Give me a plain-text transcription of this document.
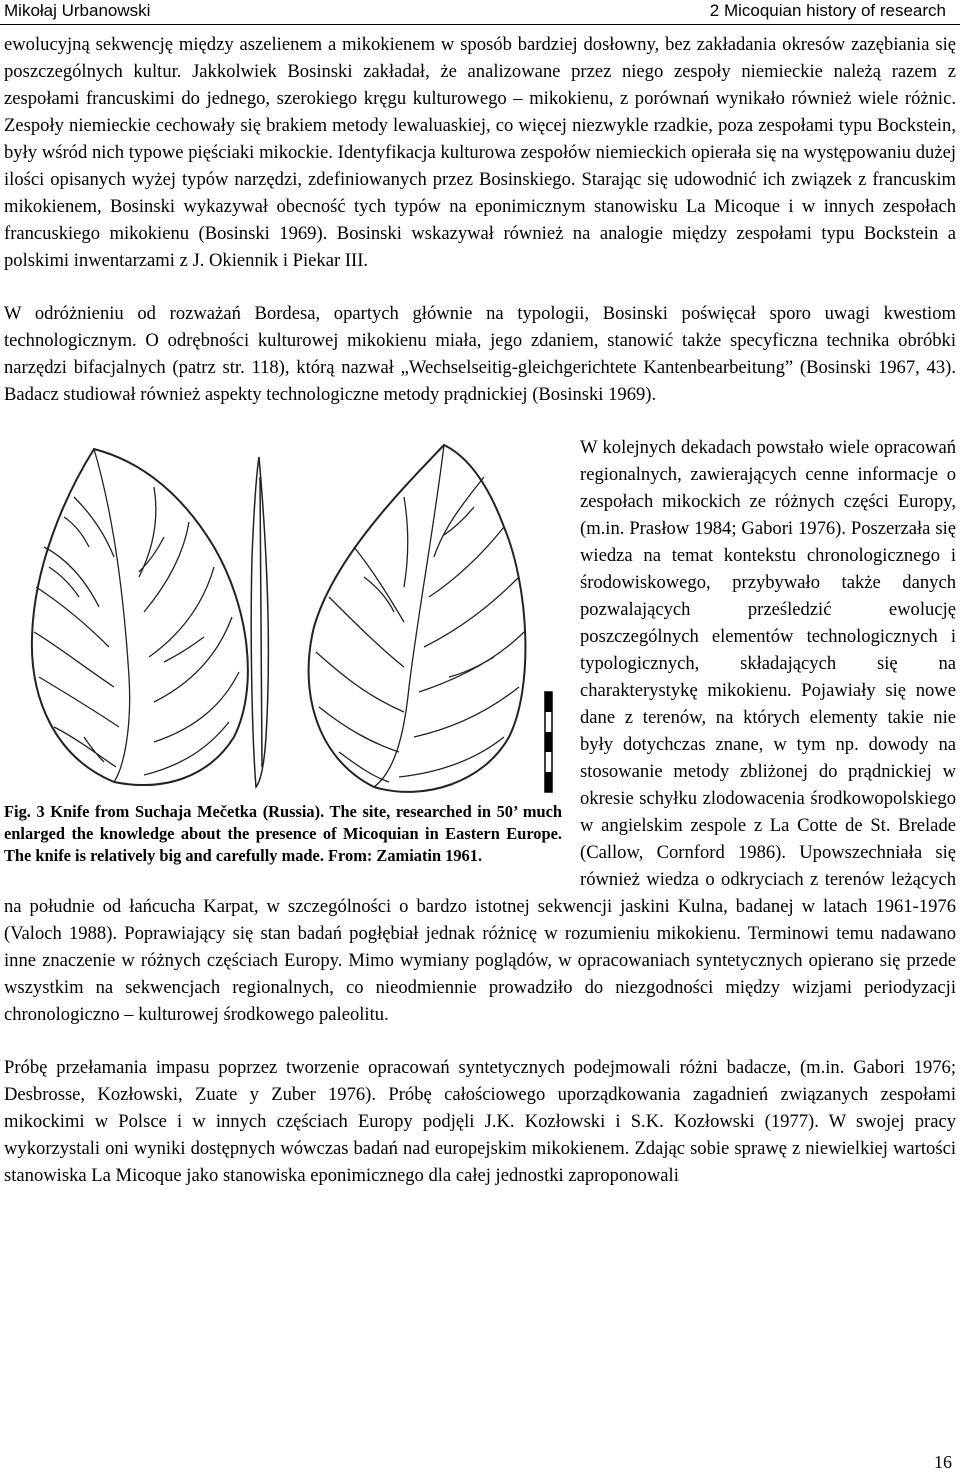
Mikołaj Urbanowski	2 Micoquian history of research

ewolucyjną sekwencję między aszelienem a mikokienem w sposób bardziej dosłowny, bez zakładania okresów zazębiania się poszczególnych kultur. Jakkolwiek Bosinski zakładał, że analizowane przez niego zespoły niemieckie należą razem z zespołami francuskimi do jednego, szerokiego kręgu kulturowego – mikokienu, z porównań wynikało również wiele różnic. Zespoły niemieckie cechowały się brakiem metody lewaluaskiej, co więcej niezwykle rzadkie, poza zespołami typu Bockstein, były wśród nich typowe pięściaki mikockie. Identyfikacja kulturowa zespołów niemieckich opierała się na występowaniu dużej ilości opisanych wyżej typów narzędzi, zdefiniowanych przez Bosinskiego. Starając się udowodnić ich związek z francuskim mikokienem, Bosinski wykazywał obecność tych typów na eponimicznym stanowisku La Micoque i w innych zespołach francuskiego mikokienu (Bosinski 1969). Bosinski wskazywał również na analogie między zespołami typu Bockstein a polskimi inwentarzami z J. Okiennik i Piekar III.

W odróżnieniu od rozważań Bordesa, opartych głównie na typologii, Bosinski poświęcał sporo uwagi kwestiom technologicznym. O odrębności kulturowej mikokienu miała, jego zdaniem, stanowić także specyficzna technika obróbki narzędzi bifacjalnych (patrz str. 118), którą nazwał „Wechselseitig-gleichgerichtete Kantenbearbeitung” (Bosinski 1967, 43). Badacz studiował również aspekty technologiczne metody prądnickiej (Bosinski 1969).

Fig. 3 Knife from Suchaja Mečetka (Russia). The site, researched in 50’ much enlarged the knowledge about the presence of Micoquian in Eastern Europe. The knife is relatively big and carefully made. From: Zamiatin 1961.

W kolejnych dekadach powstało wiele opracowań regionalnych, zawierających cenne informacje o zespołach mikockich ze różnych części Europy, (m.in. Prasłow 1984; Gabori 1976). Poszerzała się wiedza na temat kontekstu chronologicznego i środowiskowego, przybywało także danych pozwalających prześledzić ewolucję poszczególnych elementów technologicznych i typologicznych, składających się na charakterystykę mikokienu. Pojawiały się nowe dane z terenów, na których elementy takie nie były dotychczas znane, w tym np. dowody na stosowanie metody zbliżonej do prądnickiej w okresie schyłku zlodowacenia środkowopolskiego w angielskim zespole z La Cotte de St. Brelade (Callow, Cornford 1986). Upowszechniała się również wiedza o odkryciach z terenów leżących na południe od łańcucha Karpat, w szczególności o bardzo istotnej sekwencji jaskini Kulna, badanej w latach 1961-1976 (Valoch 1988). Poprawiający się stan badań pogłębiał jednak różnicę w rozumieniu mikokienu. Terminowi temu nadawano inne znaczenie w różnych częściach Europy. Mimo wymiany poglądów, w opracowaniach syntetycznych opierano się przede wszystkim na sekwencjach regionalnych, co nieodmiennie prowadziło do niezgodności między wizjami periodyzacji chronologiczno – kulturowej środkowego paleolitu.

Próbę przełamania impasu poprzez tworzenie opracowań syntetycznych podejmowali różni badacze, (m.in. Gabori 1976; Desbrosse, Kozłowski, Zuate y Zuber 1976). Próbę całościowego uporządkowania zagadnień związanych zespołami mikockimi w Polsce i w innych częściach Europy podjęli J.K. Kozłowski i S.K. Kozłowski (1977). W swojej pracy wykorzystali oni wyniki dostępnych wówczas badań nad europejskim mikokienem. Zdając sobie sprawę z niewielkiej wartości stanowiska La Micoque jako stanowiska eponimicznego dla całej jednostki zaproponowali

16
